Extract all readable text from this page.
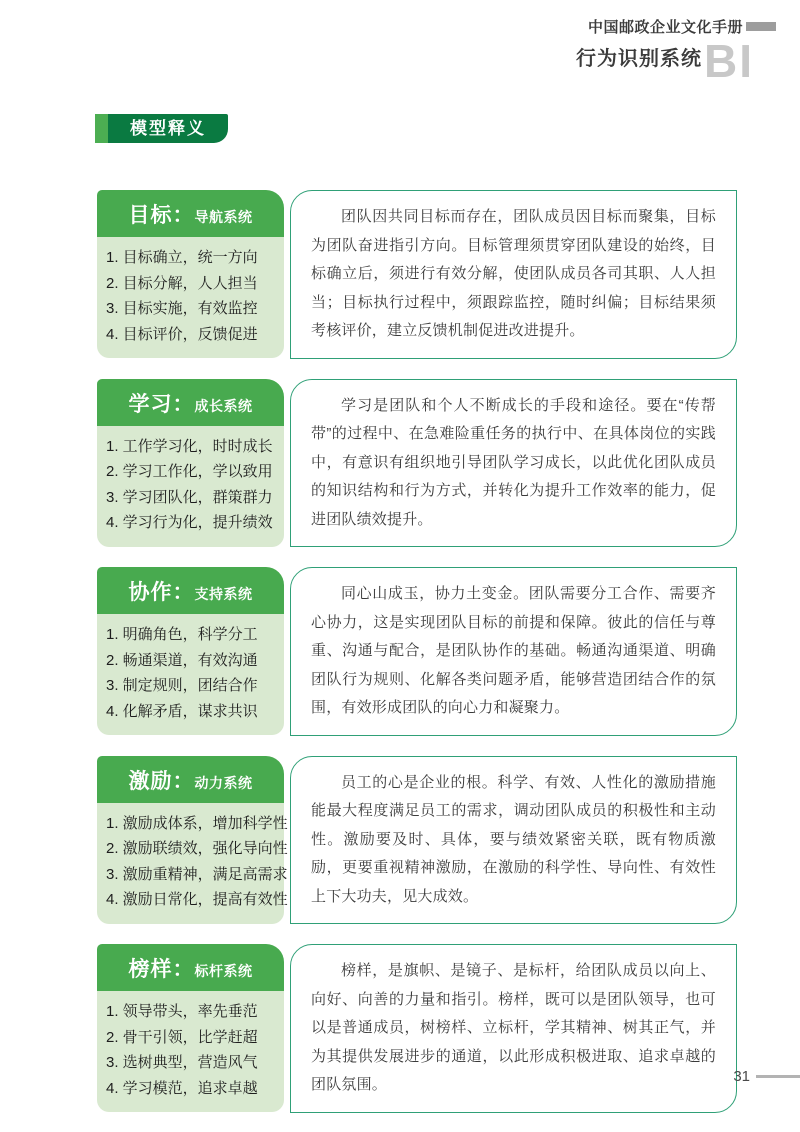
中国邮政企业文化手册
行为识别系统 BI
模型释义
目标：导航系统
1. 目标确立，统一方向
2. 目标分解，人人担当
3. 目标实施，有效监控
4. 目标评价，反馈促进

团队因共同目标而存在，团队成员因目标而聚集，目标为团队奋进指引方向。目标管理须贯穿团队建设的始终，目标确立后，须进行有效分解，使团队成员各司其职、人人担当；目标执行过程中，须跟踪监控，随时纠偏；目标结果须考核评价，建立反馈机制促进改进提升。

学习：成长系统
1. 工作学习化，时时成长
2. 学习工作化，学以致用
3. 学习团队化，群策群力
4. 学习行为化，提升绩效

学习是团队和个人不断成长的手段和途径。要在“传帮带”的过程中、在急难险重任务的执行中、在具体岗位的实践中，有意识有组织地引导团队学习成长，以此优化团队成员的知识结构和行为方式，并转化为提升工作效率的能力，促进团队绩效提升。

协作：支持系统
1. 明确角色，科学分工
2. 畅通渠道，有效沟通
3. 制定规则，团结合作
4. 化解矛盾，谋求共识

同心山成玉，协力土变金。团队需要分工合作、需要齐心协力，这是实现团队目标的前提和保障。彼此的信任与尊重、沟通与配合，是团队协作的基础。畅通沟通渠道、明确团队行为规则、化解各类问题矛盾，能够营造团结合作的氛围，有效形成团队的向心力和凝聚力。

激励：动力系统
1. 激励成体系，增加科学性
2. 激励联绩效，强化导向性
3. 激励重精神，满足高需求
4. 激励日常化，提高有效性

员工的心是企业的根。科学、有效、人性化的激励措施能最大程度满足员工的需求，调动团队成员的积极性和主动性。激励要及时、具体，要与绩效紧密关联，既有物质激励，更要重视精神激励，在激励的科学性、导向性、有效性上下大功夫，见大成效。

榜样：标杆系统
1. 领导带头，率先垂范
2. 骨干引领，比学赶超
3. 选树典型，营造风气
4. 学习模范，追求卓越

榜样，是旗帜、是镜子、是标杆，给团队成员以向上、向好、向善的力量和指引。榜样，既可以是团队领导，也可以是普通成员，树榜样、立标杆，学其精神、树其正气，并为其提供发展进步的通道，以此形成积极进取、追求卓越的团队氛围。	31
